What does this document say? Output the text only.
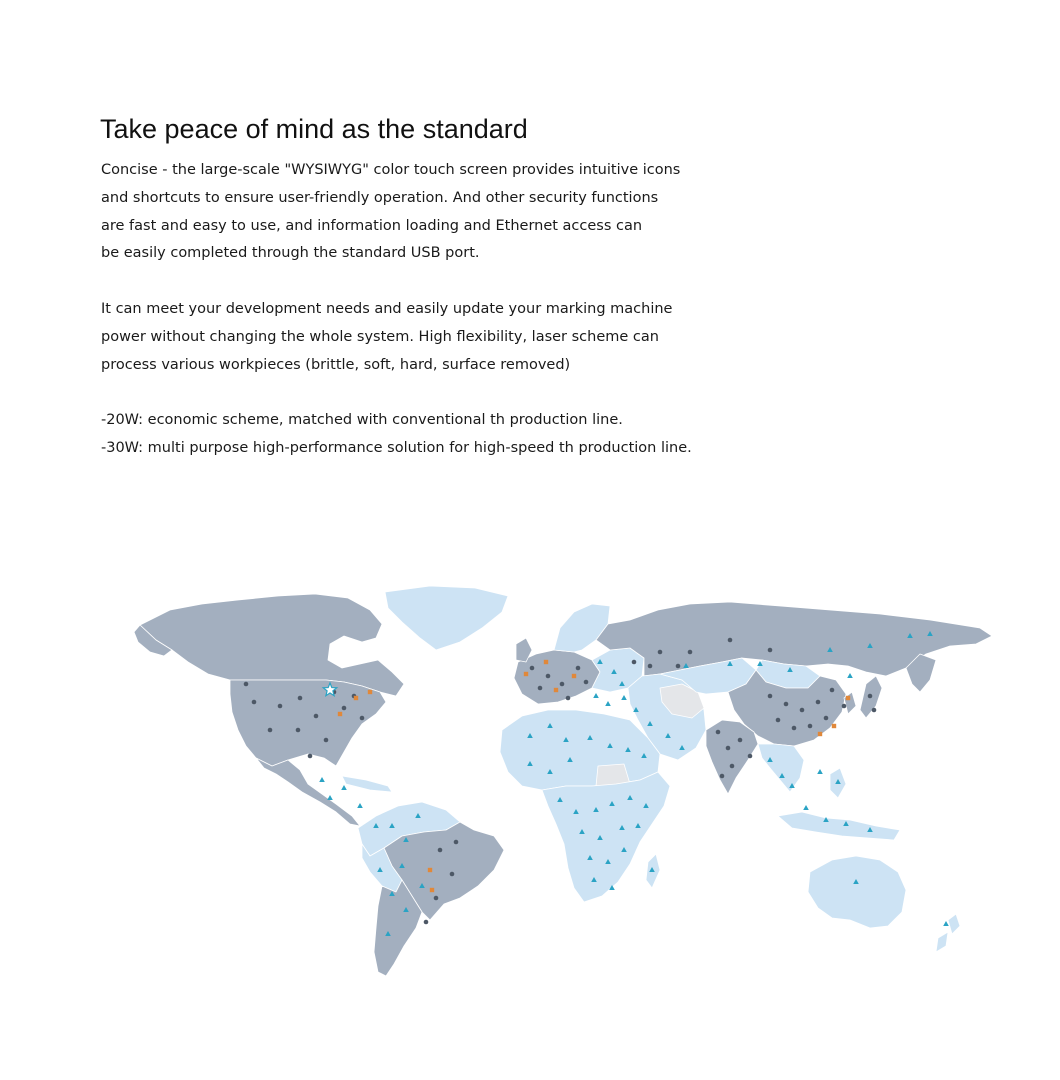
Take peace of mind as the standard

Concise - the large-scale "WYSIWYG" color touch screen provides intuitive icons
and shortcuts to ensure user-friendly operation. And other security functions
are fast and easy to use, and information loading and Ethernet access can
be easily completed through the standard USB port.

It can meet your development needs and easily update your marking machine
power without changing the whole system. High flexibility, laser scheme can
process various workpieces (brittle, soft, hard, surface removed)

-20W: economic scheme, matched with conventional th production line.
-30W: multi purpose high-performance solution for high-speed th production line.
